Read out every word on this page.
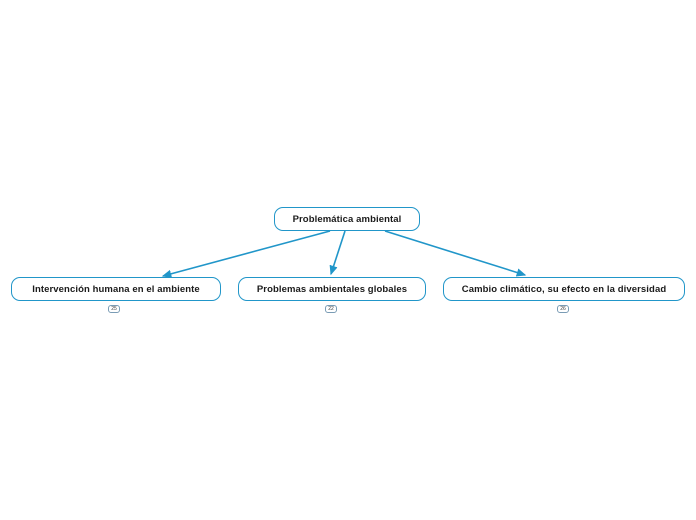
Problemática ambiental
Intervención humana en el ambiente
25
Problemas ambientales globales
22
Cambio climático, su efecto en la diversidad
26
